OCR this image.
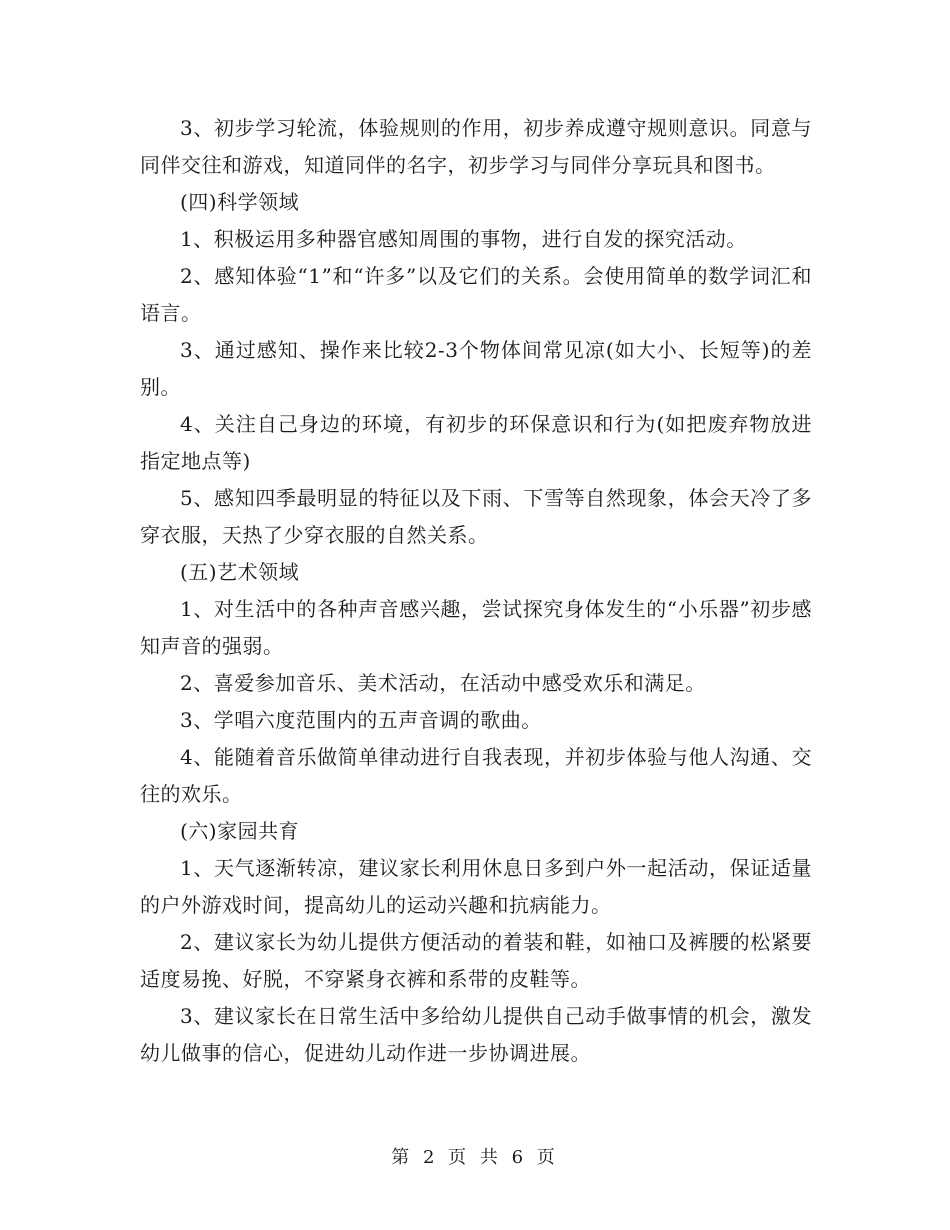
3、初步学习轮流，体验规则的作用，初步养成遵守规则意识。同意与同伴交往和游戏，知道同伴的名字，初步学习与同伴分享玩具和图书。

(四)科学领域

1、积极运用多种器官感知周围的事物，进行自发的探究活动。

2、感知体验“1”和“许多”以及它们的关系。会使用简单的数学词汇和语言。

3、通过感知、操作来比较2-3个物体间常见凉(如大小、长短等)的差别。

4、关注自己身边的环境，有初步的环保意识和行为(如把废弃物放进指定地点等)

5、感知四季最明显的特征以及下雨、下雪等自然现象，体会天冷了多穿衣服，天热了少穿衣服的自然关系。

(五)艺术领域

1、对生活中的各种声音感兴趣，尝试探究身体发生的“小乐器”初步感知声音的强弱。

2、喜爱参加音乐、美术活动，在活动中感受欢乐和满足。

3、学唱六度范围内的五声音调的歌曲。

4、能随着音乐做简单律动进行自我表现，并初步体验与他人沟通、交往的欢乐。

(六)家园共育

1、天气逐渐转凉，建议家长利用休息日多到户外一起活动，保证适量的户外游戏时间，提高幼儿的运动兴趣和抗病能力。

2、建议家长为幼儿提供方便活动的着装和鞋，如袖口及裤腰的松紧要适度易挽、好脱，不穿紧身衣裤和系带的皮鞋等。

3、建议家长在日常生活中多给幼儿提供自己动手做事情的机会，激发幼儿做事的信心，促进幼儿动作进一步协调进展。

第 2 页 共 6 页
